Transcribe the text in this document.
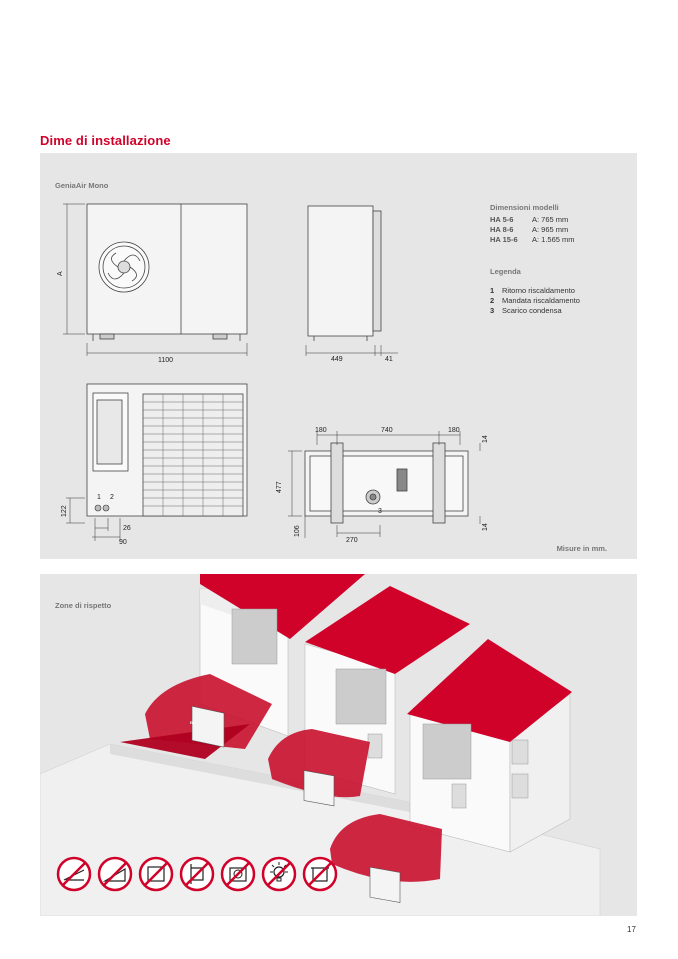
Dime di installazione
GeniaAir Mono
A
1100	449	41
1 2
122
26
90
180	740	180
14
477
106
270
14
3
Dimensioni modelli
HA 5-6	A: 765 mm
HA 8-6	A: 965 mm
HA 15-6	A: 1.565 mm
Legenda
1	Ritorno riscaldamento
2	Mandata riscaldamento
3	Scarico condensa
Misure in mm.
Zone di rispetto
m
17
